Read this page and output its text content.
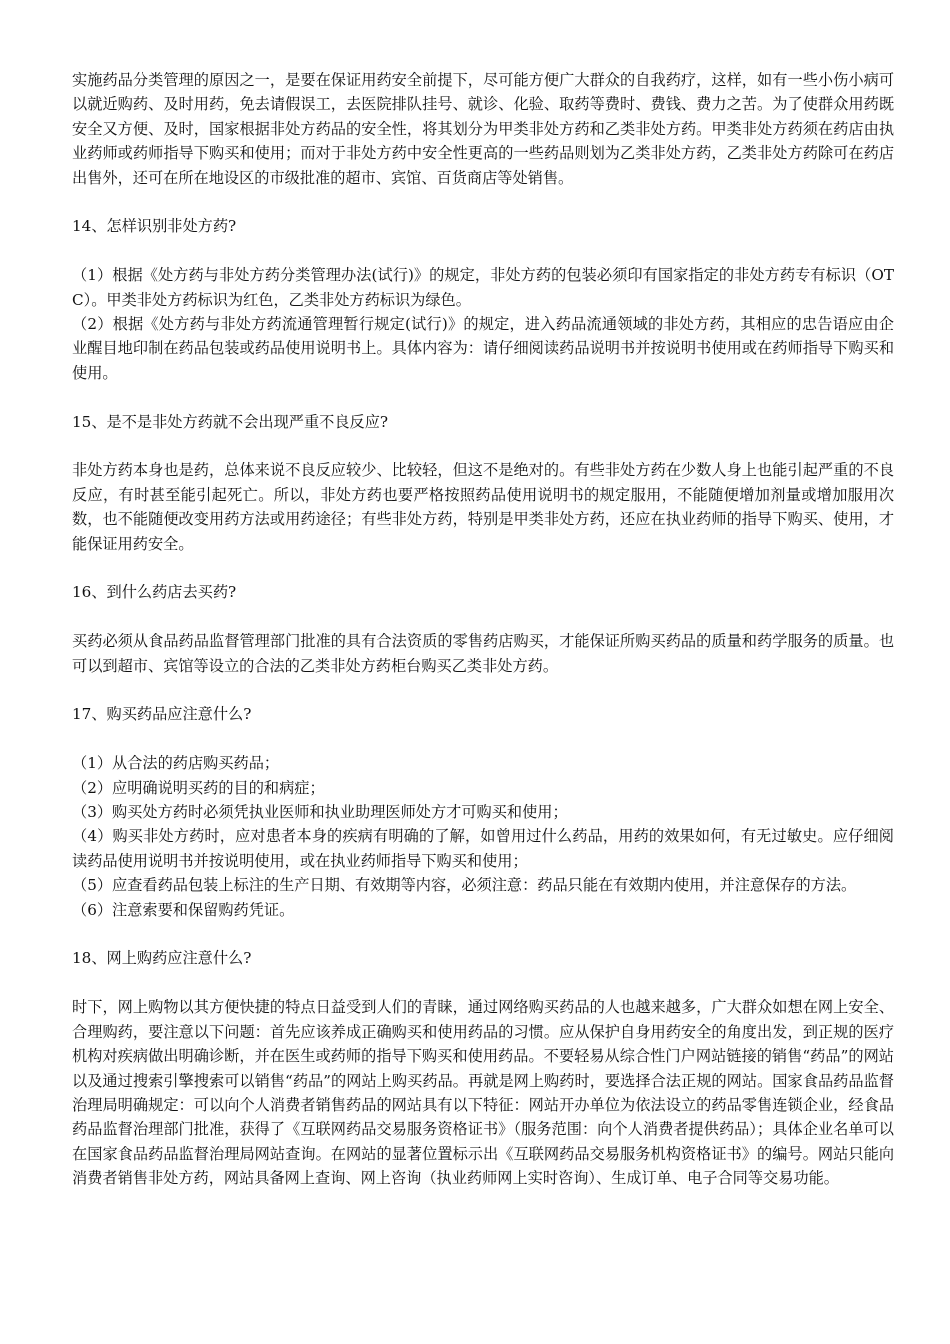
实施药品分类管理的原因之一，是要在保证用药安全前提下，尽可能方便广大群众的自我药疗，这样，如有一些小伤小病可以就近购药、及时用药，免去请假误工，去医院排队挂号、就诊、化验、取药等费时、费钱、费力之苦。为了使群众用药既安全又方便、及时，国家根据非处方药品的安全性，将其划分为甲类非处方药和乙类非处方药。甲类非处方药须在药店由执业药师或药师指导下购买和使用；而对于非处方药中安全性更高的一些药品则划为乙类非处方药，乙类非处方药除可在药店出售外，还可在所在地设区的市级批准的超市、宾馆、百货商店等处销售。

14、怎样识别非处方药?

（1）根据《处方药与非处方药分类管理办法(试行)》的规定，非处方药的包装必须印有国家指定的非处方药专有标识（OTC）。甲类非处方药标识为红色，乙类非处方药标识为绿色。

（2）根据《处方药与非处方药流通管理暂行规定(试行)》的规定，进入药品流通领域的非处方药，其相应的忠告语应由企业醒目地印制在药品包装或药品使用说明书上。具体内容为：请仔细阅读药品说明书并按说明书使用或在药师指导下购买和使用。

15、是不是非处方药就不会出现严重不良反应?

非处方药本身也是药，总体来说不良反应较少、比较轻，但这不是绝对的。有些非处方药在少数人身上也能引起严重的不良反应，有时甚至能引起死亡。所以，非处方药也要严格按照药品使用说明书的规定服用，不能随便增加剂量或增加服用次数，也不能随便改变用药方法或用药途径；有些非处方药，特别是甲类非处方药，还应在执业药师的指导下购买、使用，才能保证用药安全。

16、到什么药店去买药?

买药必须从食品药品监督管理部门批准的具有合法资质的零售药店购买，才能保证所购买药品的质量和药学服务的质量。也可以到超市、宾馆等设立的合法的乙类非处方药柜台购买乙类非处方药。

17、购买药品应注意什么?

（1）从合法的药店购买药品；

（2）应明确说明买药的目的和病症；

（3）购买处方药时必须凭执业医师和执业助理医师处方才可购买和使用；

（4）购买非处方药时，应对患者本身的疾病有明确的了解，如曾用过什么药品，用药的效果如何，有无过敏史。应仔细阅读药品使用说明书并按说明使用，或在执业药师指导下购买和使用；

（5）应查看药品包装上标注的生产日期、有效期等内容，必须注意：药品只能在有效期内使用，并注意保存的方法。

（6）注意索要和保留购药凭证。

18、网上购药应注意什么?

时下，网上购物以其方便快捷的特点日益受到人们的青睐，通过网络购买药品的人也越来越多，广大群众如想在网上安全、合理购药，要注意以下问题：首先应该养成正确购买和使用药品的习惯。应从保护自身用药安全的角度出发，到正规的医疗机构对疾病做出明确诊断，并在医生或药师的指导下购买和使用药品。不要轻易从综合性门户网站链接的销售“药品”的网站以及通过搜索引擎搜索可以销售“药品”的网站上购买药品。再就是网上购药时，要选择合法正规的网站。国家食品药品监督治理局明确规定：可以向个人消费者销售药品的网站具有以下特征：网站开办单位为依法设立的药品零售连锁企业，经食品药品监督治理部门批准，获得了《互联网药品交易服务资格证书》（服务范围：向个人消费者提供药品）；具体企业名单可以在国家食品药品监督治理局网站查询。在网站的显著位置标示出《互联网药品交易服务机构资格证书》的编号。网站只能向消费者销售非处方药，网站具备网上查询、网上咨询（执业药师网上实时咨询）、生成订单、电子合同等交易功能。
